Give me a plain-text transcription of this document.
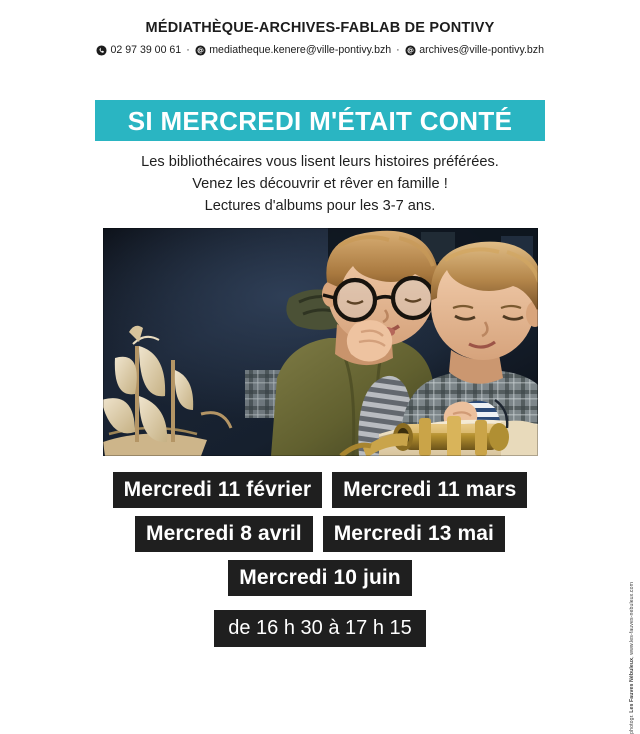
MÉDIATHÈQUE-ARCHIVES-FABLAB DE PONTIVY
02 97 39 00 61 · mediatheque.kenere@ville-pontivy.bzh · archives@ville-pontivy.bzh
SI MERCREDI M'ÉTAIT CONTÉ
Les bibliothécaires vous lisent leurs histoires préférées.
Venez les découvrir et rêver en famille !
Lectures d'albums pour les 3-7 ans.
Mercredi 11 février	Mercredi 11 mars
Mercredi 8 avril	Mercredi 13 mai
Mercredi 10 juin
de 16 h 30 à 17 h 15
photogr. Les Fauves Nébuleux, www.les-fauves-nebuleux.com
